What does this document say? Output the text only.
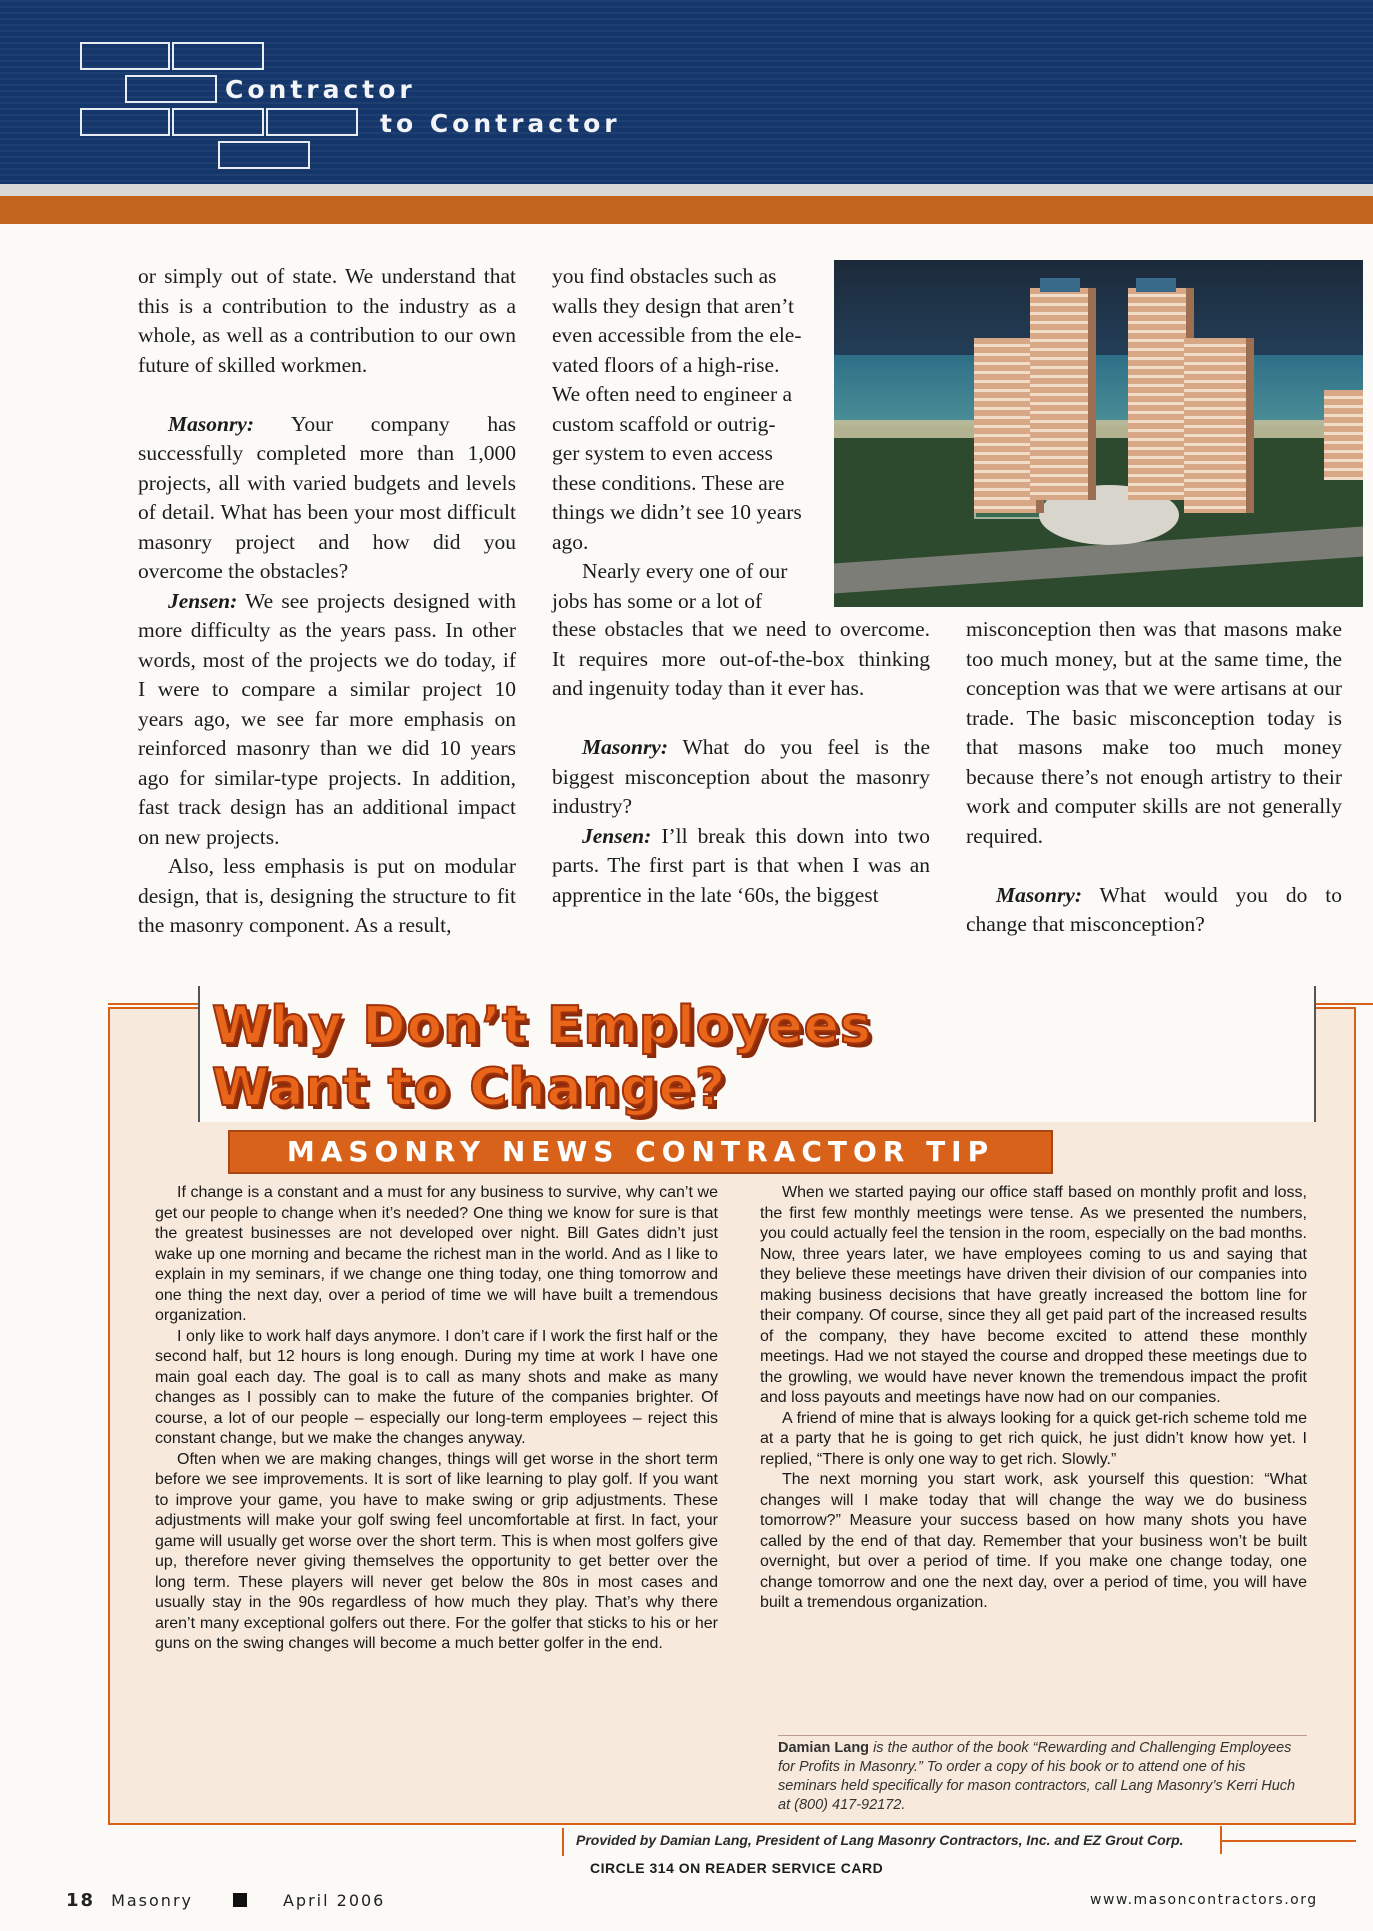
Contractor
to Contractor

or simply out of state. We understand that this is a contribution to the industry as a whole, as well as a contribution to our own future of skilled workmen.

Masonry: Your company has successfully completed more than 1,000 projects, all with varied budgets and levels of detail. What has been your most difficult masonry project and how did you overcome the obstacles?

Jensen: We see projects designed with more difficulty as the years pass. In other words, most of the projects we do today, if I were to compare a similar project 10 years ago, we see far more emphasis on reinforced masonry than we did 10 years ago for similar-type projects. In addition, fast track design has an additional impact on new projects.

Also, less emphasis is put on modular design, that is, designing the structure to fit the masonry component. As a result,

you find obstacles such as
walls they design that aren’t
even accessible from the ele-
vated floors of a high-rise.
We often need to engineer a
custom scaffold or outrig-
ger system to even access
these conditions. These are
things we didn’t see 10 years
ago.
Nearly every one of our
jobs has some or a lot of

these obstacles that we need to overcome. It requires more out-of-the-box thinking and ingenuity today than it ever has.

Masonry: What do you feel is the biggest misconception about the masonry industry?

Jensen: I’ll break this down into two parts. The first part is that when I was an apprentice in the late ‘60s, the biggest

misconception then was that masons make too much money, but at the same time, the conception was that we were artisans at our trade. The basic misconception today is that masons make too much money because there’s not enough artistry to their work and computer skills are not generally required.

Masonry: What would you do to change that misconception?

Why Don’t Employees
Want to Change?
MASONRY NEWS CONTRACTOR TIP

If change is a constant and a must for any business to survive, why can’t we get our people to change when it’s needed? One thing we know for sure is that the greatest businesses are not developed over night. Bill Gates didn’t just wake up one morning and became the richest man in the world. And as I like to explain in my seminars, if we change one thing today, one thing tomorrow and one thing the next day, over a period of time we will have built a tremendous organization.

I only like to work half days anymore. I don’t care if I work the first half or the second half, but 12 hours is long enough. During my time at work I have one main goal each day. The goal is to call as many shots and make as many changes as I possibly can to make the future of the companies brighter. Of course, a lot of our people – especially our long-term employees – reject this constant change, but we make the changes anyway.

Often when we are making changes, things will get worse in the short term before we see improvements. It is sort of like learning to play golf. If you want to improve your game, you have to make swing or grip adjustments. These adjustments will make your golf swing feel uncomfortable at first. In fact, your game will usually get worse over the short term. This is when most golfers give up, therefore never giving themselves the opportunity to get better over the long term. These players will never get below the 80s in most cases and usually stay in the 90s regardless of how much they play. That’s why there aren’t many exceptional golfers out there. For the golfer that sticks to his or her guns on the swing changes will become a much better golfer in the end.

When we started paying our office staff based on monthly profit and loss, the first few monthly meetings were tense. As we presented the numbers, you could actually feel the tension in the room, especially on the bad months. Now, three years later, we have employees coming to us and saying that they believe these meetings have driven their division of our companies into making business decisions that have greatly increased the bottom line for their company. Of course, since they all get paid part of the increased results of the company, they have become excited to attend these monthly meetings. Had we not stayed the course and dropped these meetings due to the growling, we would have never known the tremendous impact the profit and loss payouts and meetings have now had on our companies.

A friend of mine that is always looking for a quick get-rich scheme told me at a party that he is going to get rich quick, he just didn’t know how yet. I replied, “There is only one way to get rich. Slowly.”

The next morning you start work, ask yourself this question: “What changes will I make today that will change the way we do business tomorrow?” Measure your success based on how many shots you have called by the end of that day. Remember that your business won’t be built overnight, but over a period of time. If you make one change today, one change tomorrow and one the next day, over a period of time, you will have built a tremendous organization.

Damian Lang is the author of the book “Rewarding and Challenging Employees for Profits in Masonry.” To order a copy of his book or to attend one of his seminars held specifically for mason contractors, call Lang Masonry’s Kerri Huch at (800) 417-92172.
Provided by Damian Lang, President of Lang Masonry Contractors, Inc. and EZ Grout Corp.
CIRCLE 314 ON READER SERVICE CARD
18 Masonry	April 2006	www.masoncontractors.org
